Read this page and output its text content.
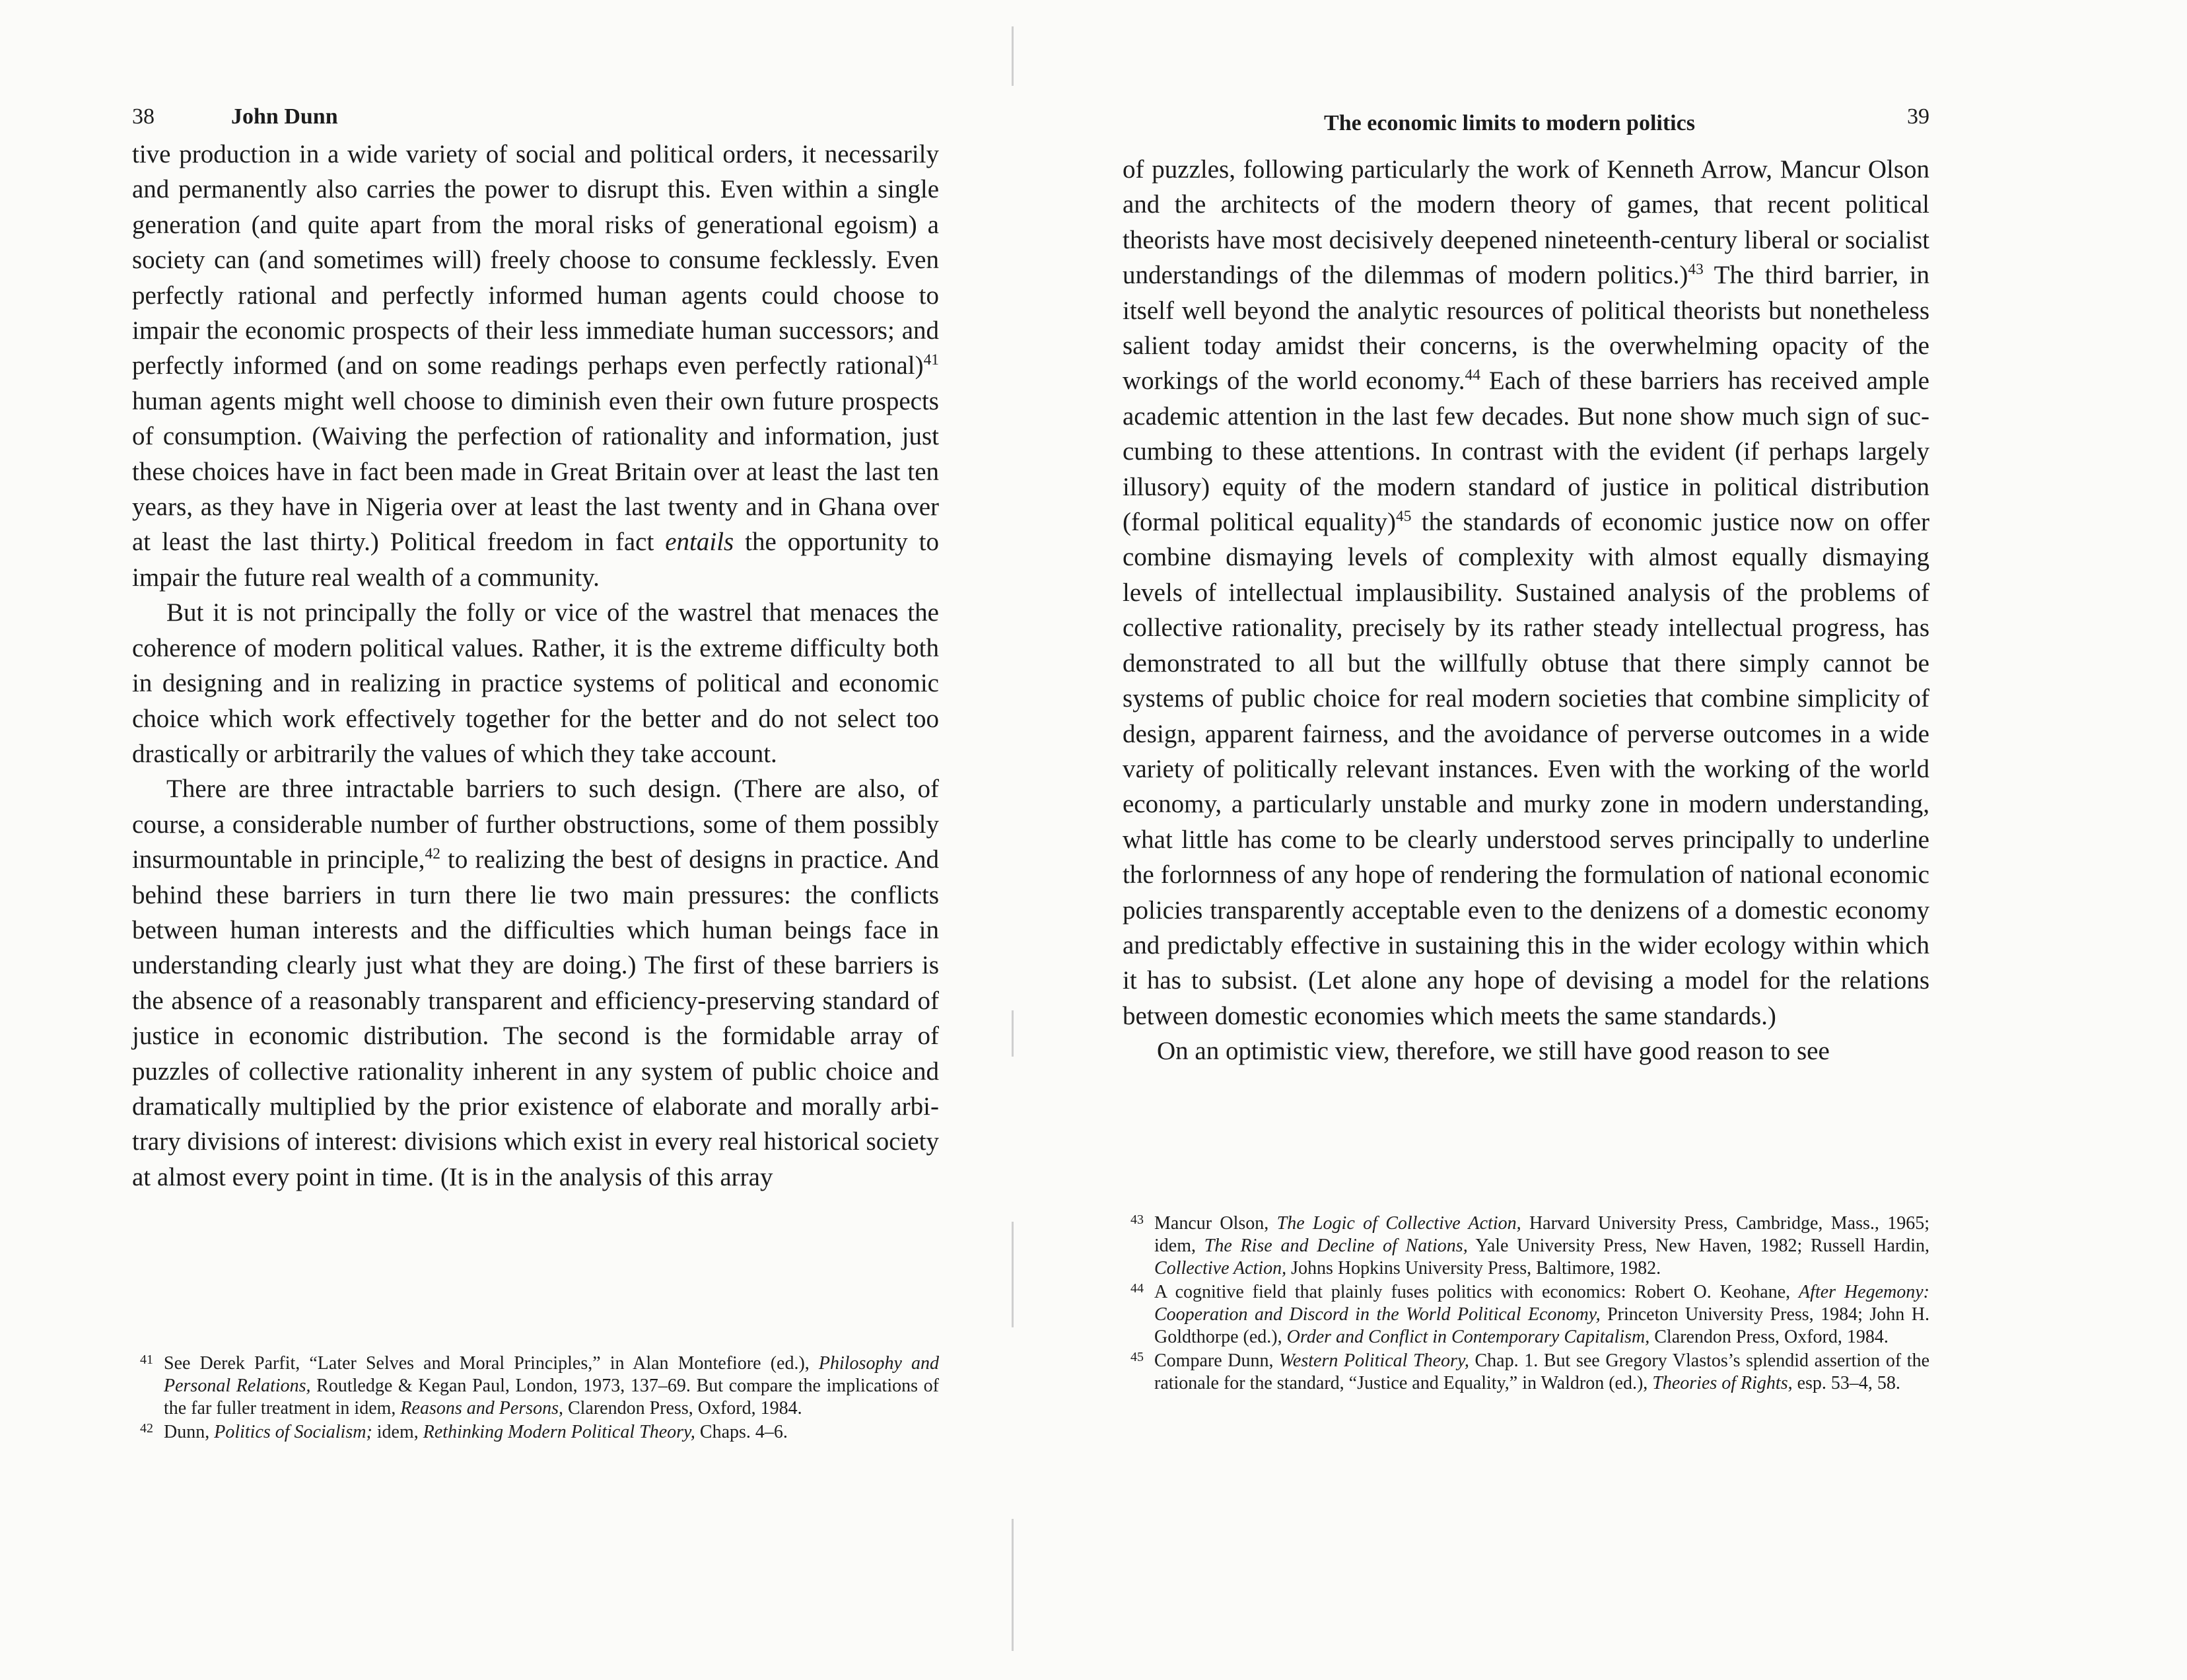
38	John Dunn

tive production in a wide variety of social and political orders, it necessarily and permanently also carries the power to disrupt this. Even within a single generation (and quite apart from the moral risks of generational egoism) a society can (and sometimes will) freely choose to consume fecklessly. Even perfectly rational and perfectly informed human agents could choose to impair the economic prospects of their less immediate human successors; and perfectly informed (and on some readings perhaps even perfectly rational)$^{41}$ human agents might well choose to diminish even their own future prospects of consumption. (Waiving the perfection of rationality and information, just these choices have in fact been made in Great Britain over at least the last ten years, as they have in Nigeria over at least the last twenty and in Ghana over at least the last thirty.) Political freedom in fact entails the opportunity to impair the future real wealth of a community.

But it is not principally the folly or vice of the wastrel that menaces the coherence of modern political values. Rather, it is the extreme difficulty both in designing and in realizing in practice systems of political and economic choice which work effectively together for the better and do not select too drastically or arbitrarily the values of which they take account.

There are three intractable barriers to such design. (There are also, of course, a considerable number of further obstructions, some of them possibly insurmountable in principle,$^{42}$ to realizing the best of designs in practice. And behind these barriers in turn there lie two main pressures: the conflicts between human interests and the difficulties which human beings face in understanding clearly just what they are doing.) The first of these barriers is the absence of a reasonably transparent and efficiency-preserving standard of justice in economic distribution. The second is the formidable array of puzzles of collective rationality inherent in any system of public choice and dramatically multiplied by the prior existence of elaborate and morally arbitrary divisions of interest: divisions which exist in every real historical society at almost every point in time. (It is in the analysis of this array

41 See Derek Parfit, “Later Selves and Moral Principles,” in Alan Montefiore (ed.), Philosophy and Personal Relations, Routledge & Kegan Paul, London, 1973, 137–69. But compare the implications of the far fuller treatment in idem, Reasons and Persons, Clarendon Press, Oxford, 1984.
42 Dunn, Politics of Socialism; idem, Rethinking Modern Political Theory, Chaps. 4–6.
The economic limits to modern politics	39

of puzzles, following particularly the work of Kenneth Arrow, Mancur Olson and the architects of the modern theory of games, that recent political theorists have most decisively deepened nineteenth-century liberal or socialist understandings of the dilemmas of modern politics.)$^{43}$ The third barrier, in itself well beyond the analytic resources of political theorists but nonetheless salient today amidst their concerns, is the overwhelming opacity of the workings of the world economy.$^{44}$ Each of these barriers has received ample academic attention in the last few decades. But none show much sign of succumbing to these attentions. In contrast with the evident (if perhaps largely illusory) equity of the modern standard of justice in political distribution (formal political equality)$^{45}$ the standards of economic justice now on offer combine dismaying levels of complexity with almost equally dismaying levels of intellectual implausibility. Sustained analysis of the problems of collective rationality, precisely by its rather steady intellectual progress, has demonstrated to all but the willfully obtuse that there simply cannot be systems of public choice for real modern societies that combine simplicity of design, apparent fairness, and the avoidance of perverse outcomes in a wide variety of politically relevant instances. Even with the working of the world economy, a particularly unstable and murky zone in modern understanding, what little has come to be clearly understood serves principally to underline the forlornness of any hope of rendering the formulation of national economic policies transparently acceptable even to the denizens of a domestic economy and predictably effective in sustaining this in the wider ecology within which it has to subsist. (Let alone any hope of devising a model for the relations between domestic economies which meets the same standards.)

On an optimistic view, therefore, we still have good reason to see

43 Mancur Olson, The Logic of Collective Action, Harvard University Press, Cambridge, Mass., 1965; idem, The Rise and Decline of Nations, Yale University Press, New Haven, 1982; Russell Hardin, Collective Action, Johns Hopkins University Press, Baltimore, 1982.
44 A cognitive field that plainly fuses politics with economics: Robert O. Keohane, After Hegemony: Cooperation and Discord in the World Political Economy, Princeton University Press, 1984; John H. Goldthorpe (ed.), Order and Conflict in Contemporary Capitalism, Clarendon Press, Oxford, 1984.
45 Compare Dunn, Western Political Theory, Chap. 1. But see Gregory Vlastos’s splendid assertion of the rationale for the standard, “Justice and Equality,” in Waldron (ed.), Theories of Rights, esp. 53–4, 58.
